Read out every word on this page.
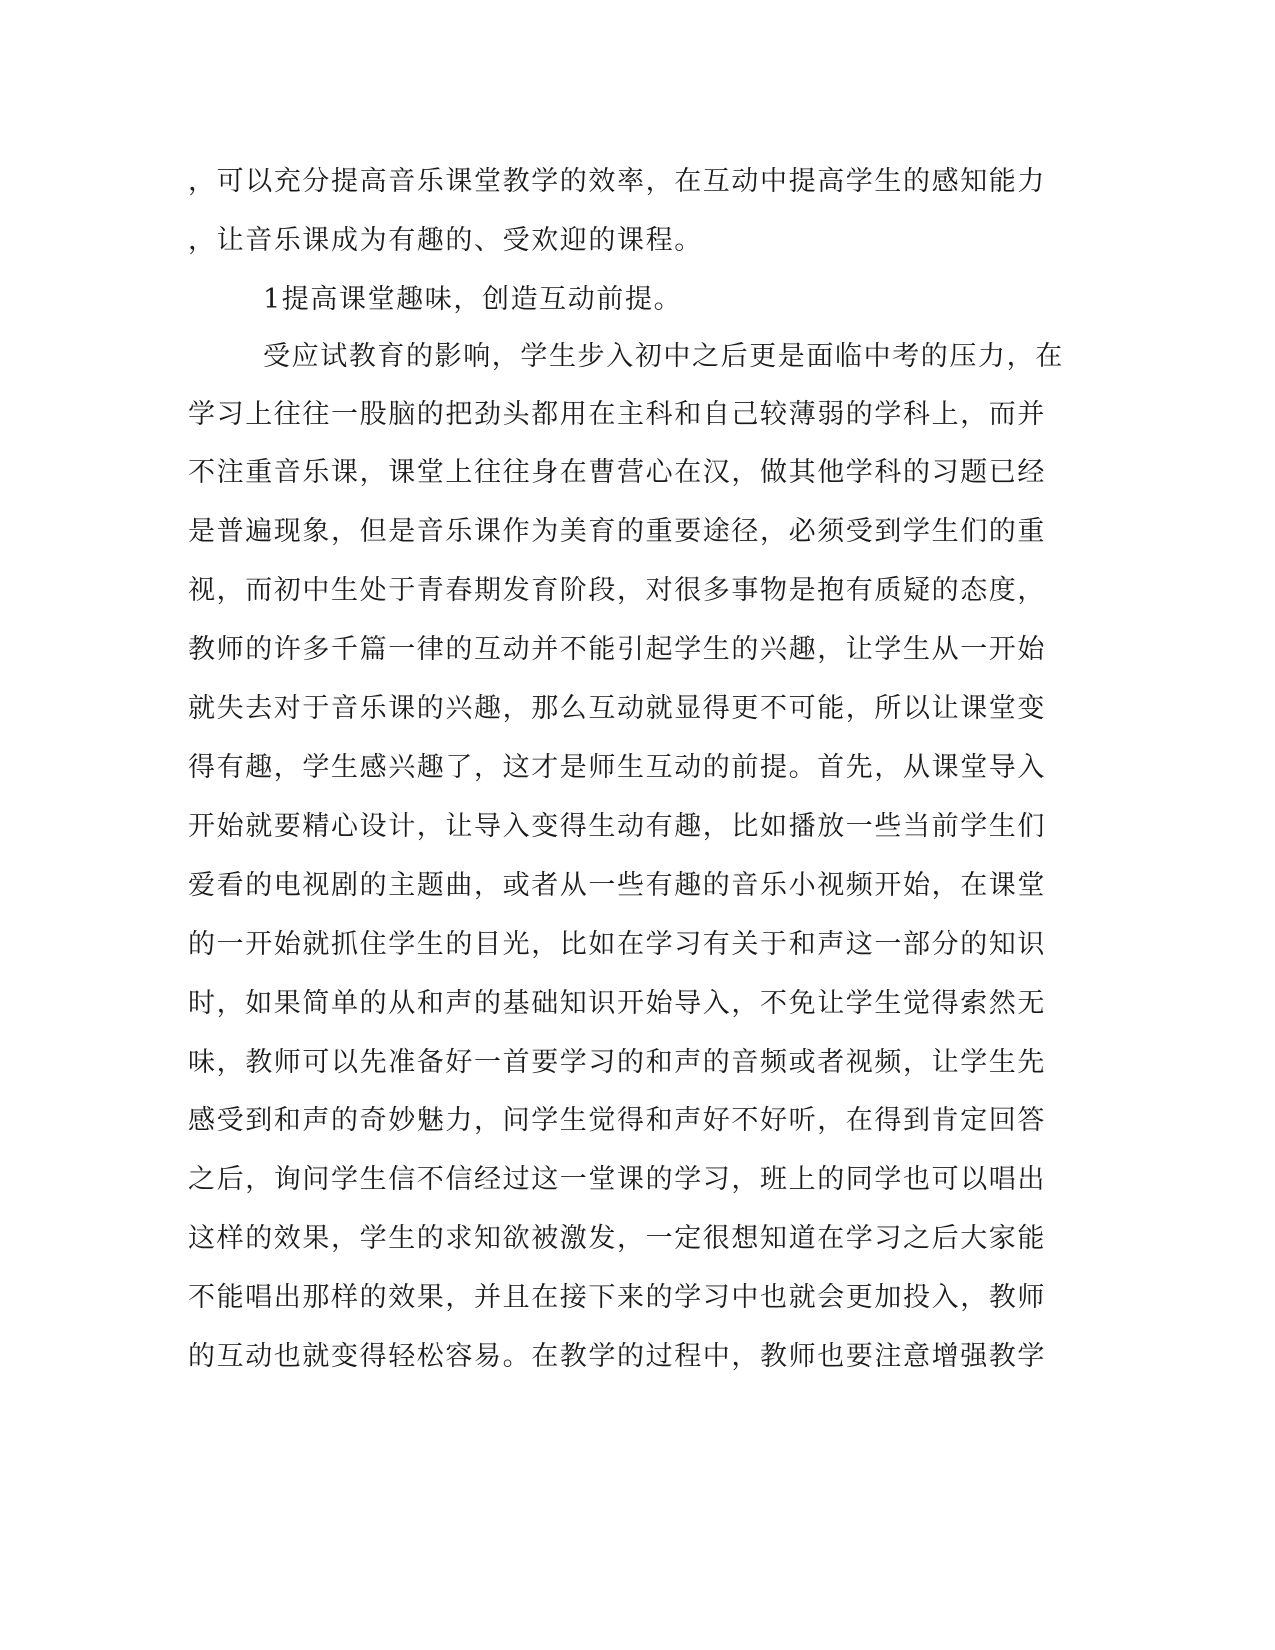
，可以充分提高音乐课堂教学的效率，在互动中提高学生的感知能力
，让音乐课成为有趣的、受欢迎的课程。
1提高课堂趣味，创造互动前提。
受应试教育的影响，学生步入初中之后更是面临中考的压力，在
学习上往往一股脑的把劲头都用在主科和自己较薄弱的学科上，而并
不注重音乐课，课堂上往往身在曹营心在汉，做其他学科的习题已经
是普遍现象，但是音乐课作为美育的重要途径，必须受到学生们的重
视，而初中生处于青春期发育阶段，对很多事物是抱有质疑的态度，
教师的许多千篇一律的互动并不能引起学生的兴趣，让学生从一开始
就失去对于音乐课的兴趣，那么互动就显得更不可能，所以让课堂变
得有趣，学生感兴趣了，这才是师生互动的前提。首先，从课堂导入
开始就要精心设计，让导入变得生动有趣，比如播放一些当前学生们
爱看的电视剧的主题曲，或者从一些有趣的音乐小视频开始，在课堂
的一开始就抓住学生的目光，比如在学习有关于和声这一部分的知识
时，如果简单的从和声的基础知识开始导入，不免让学生觉得索然无
味，教师可以先准备好一首要学习的和声的音频或者视频，让学生先
感受到和声的奇妙魅力，问学生觉得和声好不好听，在得到肯定回答
之后，询问学生信不信经过这一堂课的学习，班上的同学也可以唱出
这样的效果，学生的求知欲被激发，一定很想知道在学习之后大家能
不能唱出那样的效果，并且在接下来的学习中也就会更加投入，教师
的互动也就变得轻松容易。在教学的过程中，教师也要注意增强教学
